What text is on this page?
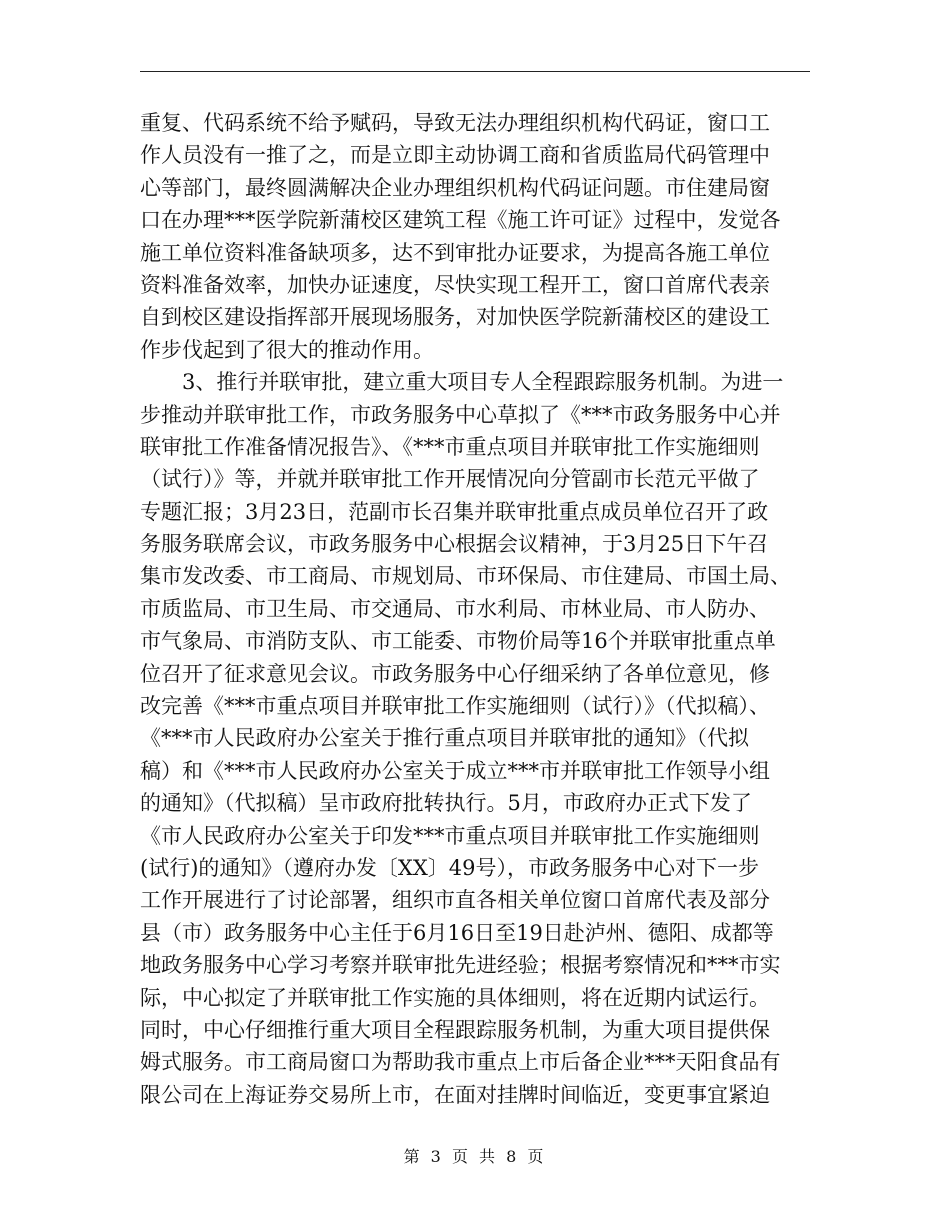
重复、代码系统不给予赋码，导致无法办理组织机构代码证，窗口工
作人员没有一推了之，而是立即主动协调工商和省质监局代码管理中
心等部门，最终圆满解决企业办理组织机构代码证问题。市住建局窗
口在办理***医学院新蒲校区建筑工程《施工许可证》过程中，发觉各
施工单位资料准备缺项多，达不到审批办证要求，为提高各施工单位
资料准备效率，加快办证速度，尽快实现工程开工，窗口首席代表亲
自到校区建设指挥部开展现场服务，对加快医学院新蒲校区的建设工
作步伐起到了很大的推动作用。
　　3、推行并联审批，建立重大项目专人全程跟踪服务机制。为进一
步推动并联审批工作，市政务服务中心草拟了《***市政务服务中心并
联审批工作准备情况报告》、《***市重点项目并联审批工作实施细则
（试行）》等，并就并联审批工作开展情况向分管副市长范元平做了
专题汇报；3月23日，范副市长召集并联审批重点成员单位召开了政
务服务联席会议，市政务服务中心根据会议精神，于3月25日下午召
集市发改委、市工商局、市规划局、市环保局、市住建局、市国土局、
市质监局、市卫生局、市交通局、市水利局、市林业局、市人防办、
市气象局、市消防支队、市工能委、市物价局等16个并联审批重点单
位召开了征求意见会议。市政务服务中心仔细采纳了各单位意见，修
改完善《***市重点项目并联审批工作实施细则（试行）》（代拟稿）、
《***市人民政府办公室关于推行重点项目并联审批的通知》（代拟
稿）和《***市人民政府办公室关于成立***市并联审批工作领导小组
的通知》（代拟稿）呈市政府批转执行。5月，市政府办正式下发了
《市人民政府办公室关于印发***市重点项目并联审批工作实施细则
(试行)的通知》（遵府办发〔XX〕49号），市政务服务中心对下一步
工作开展进行了讨论部署，组织市直各相关单位窗口首席代表及部分
县（市）政务服务中心主任于6月16日至19日赴泸州、德阳、成都等
地政务服务中心学习考察并联审批先进经验；根据考察情况和***市实
际，中心拟定了并联审批工作实施的具体细则，将在近期内试运行。
同时，中心仔细推行重大项目全程跟踪服务机制，为重大项目提供保
姆式服务。市工商局窗口为帮助我市重点上市后备企业***天阳食品有
限公司在上海证券交易所上市，在面对挂牌时间临近，变更事宜紧迫
第 3 页 共 8 页
